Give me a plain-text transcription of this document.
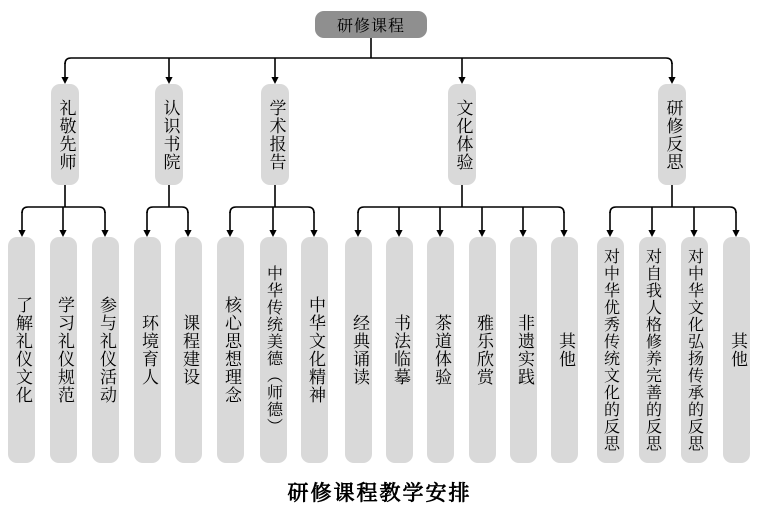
研修课程
礼敬先师	认识书院	学术报告	文化体验	研修反思
了解礼仪文化 学习礼仪规范 参与礼仪活动 环境育人 课程建设 核心思想理念 中华传统美德（师德） 中华文化精神 经典诵读 书法临摹 茶道体验 雅乐欣赏 非遗实践 其他 对中华优秀传统文化的反思 对自我人格修养完善的反思 对中华文化弘扬传承的反思 其他
研修课程教学安排
